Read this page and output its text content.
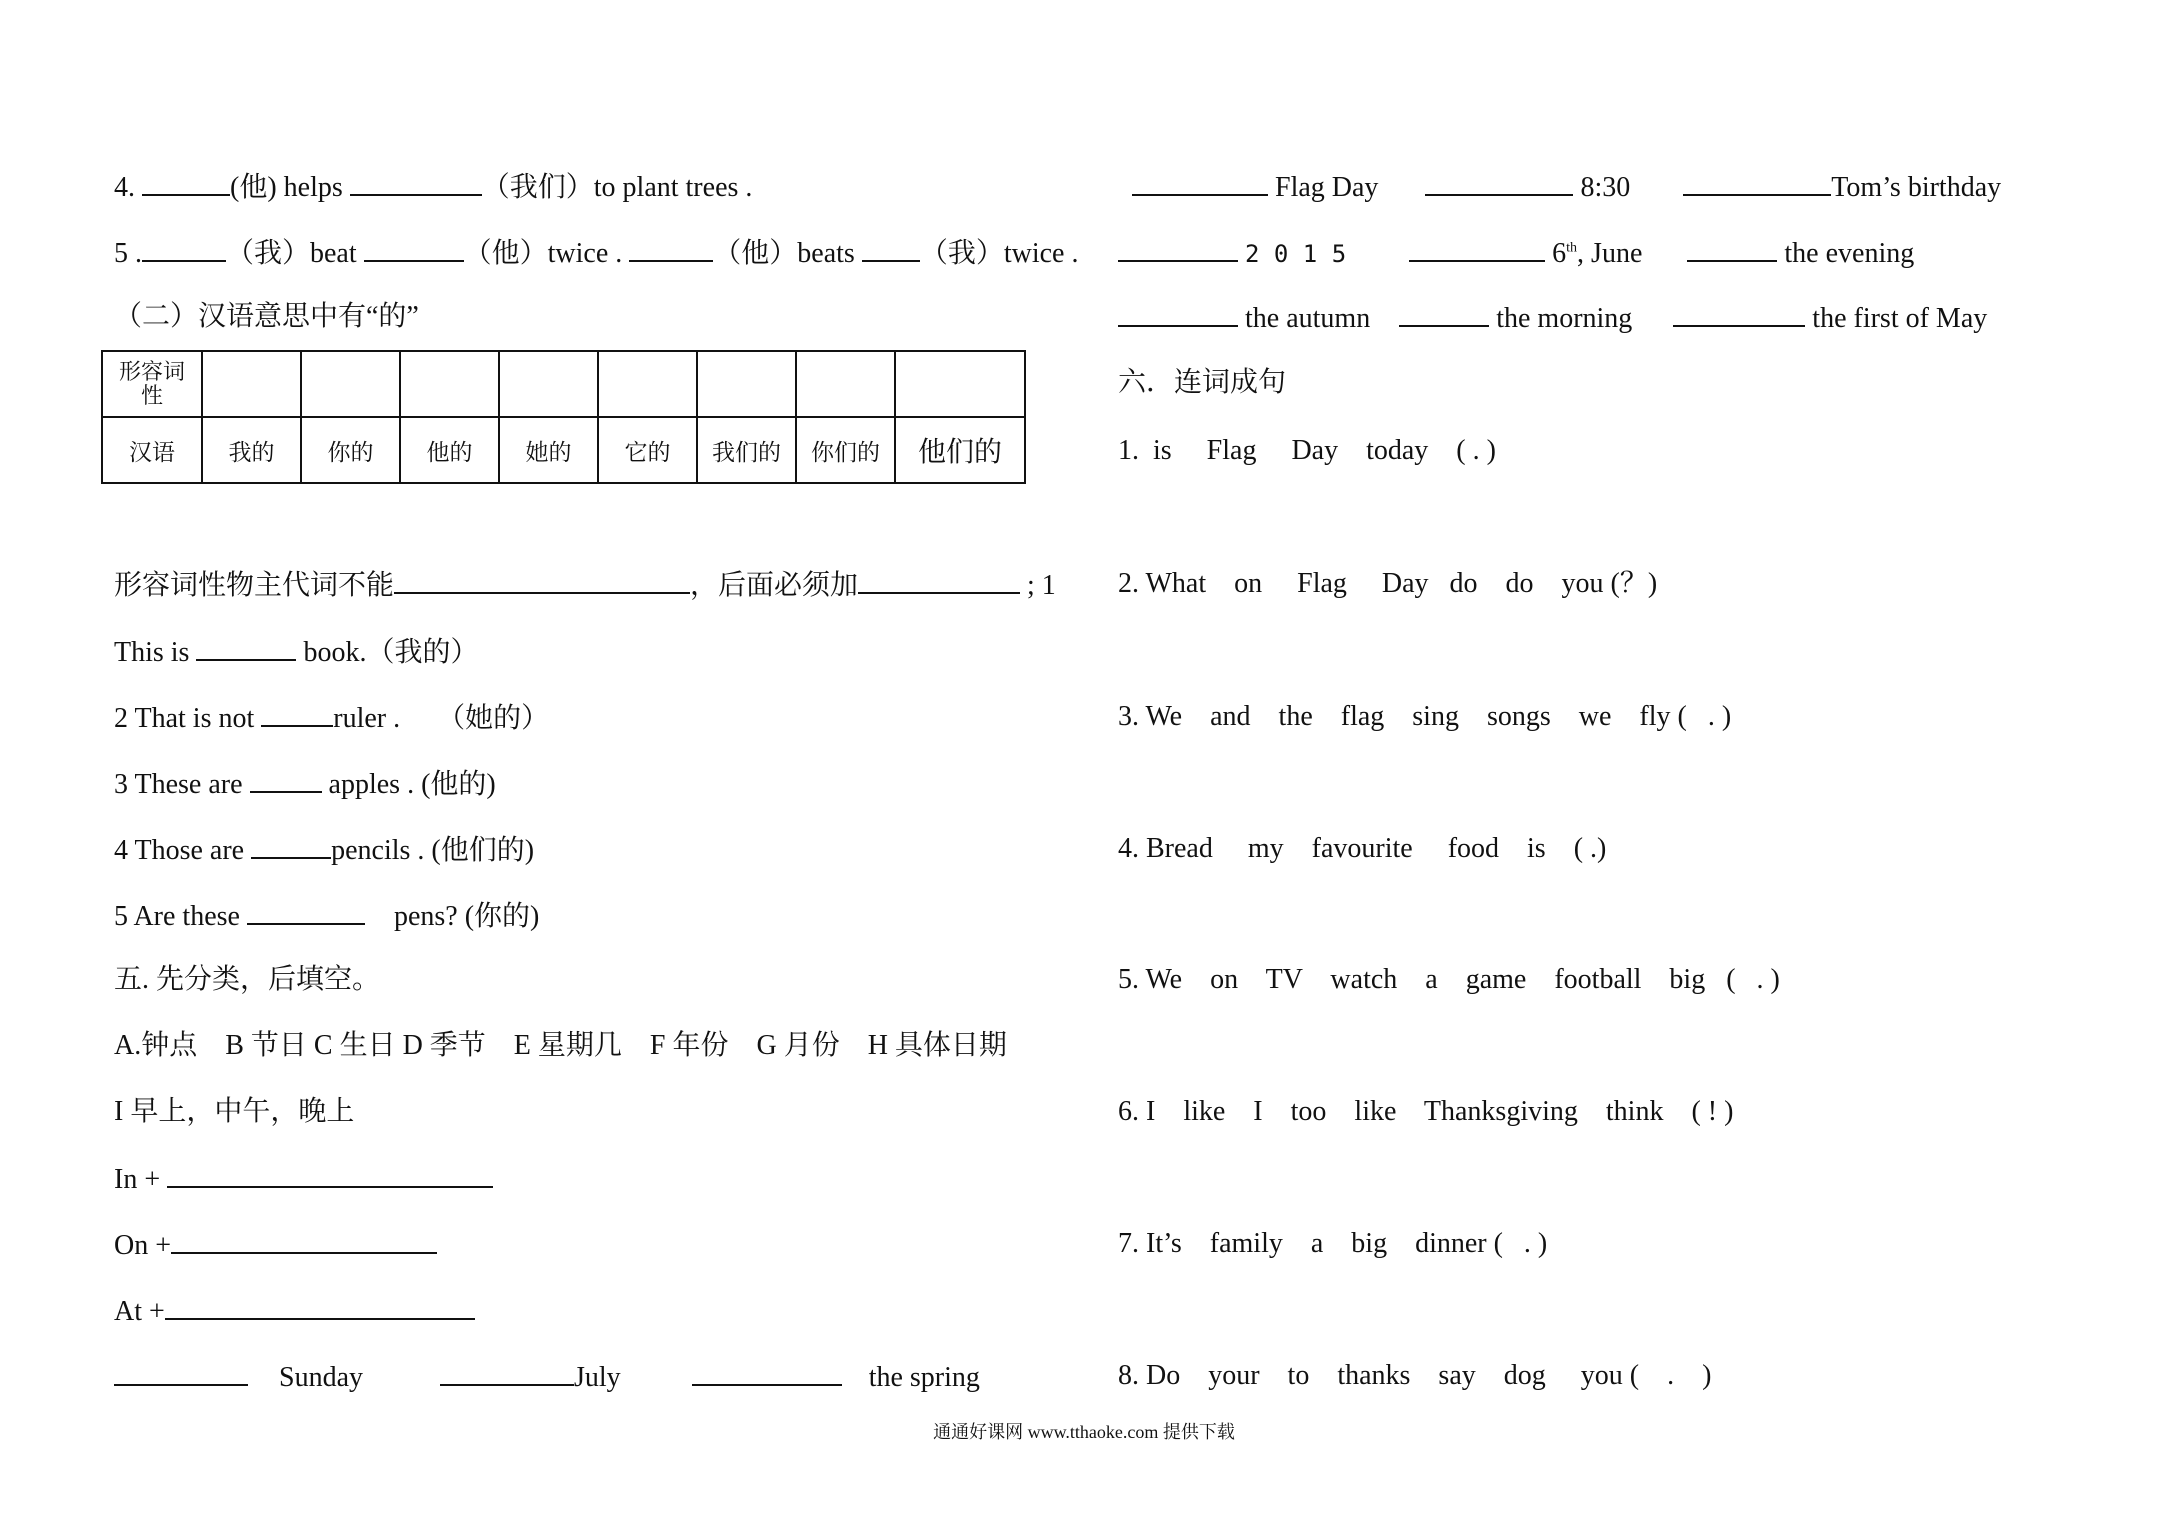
4.	(他) helps	（我们）to plant trees .
5 .	（我）beat	（他）twice .	（他）beats （我）twice .
（二）汉语意思中有“的”
形容词性								
汉语	我的	你的	他的	她的	它的	我们的	你们的	他们的
形容词性物主代词不能	，后面必须加	; 1
This is	book.（我的）
2 That is not	ruler . （她的）
3 These are	apples . (他的)
4 Those are	pencils . (他们的)
5 Are these	pens? (你的)
五. 先分类，后填空。
A.钟点　B 节日 C 生日 D 季节　E 星期几　F 年份　G 月份　H 具体日期
I 早上，中午，晚上
In +
On +
At +
Sunday	July	the spring
Flag Day	8:30	Tom’s birthday
2 0 1 5	6th, June	the evening
the autumn	the morning	the first of May
六．连词成句
1.  is     Flag     Day    today    ( . )
2. What    on     Flag     Day   do    do    you (？)
3. We    and    the    flag    sing    songs    we    fly (   . )
4. Bread     my    favourite     food    is    ( .)
5. We    on    TV    watch    a    game    football    big   (   . )
6. I    like    I    too    like    Thanksgiving    think    ( ! )
7. It’s    family    a    big    dinner (   . )
8. Do    your    to    thanks    say    dog     you (    .    )
通通好课网 www.tthaoke.com 提供下载
